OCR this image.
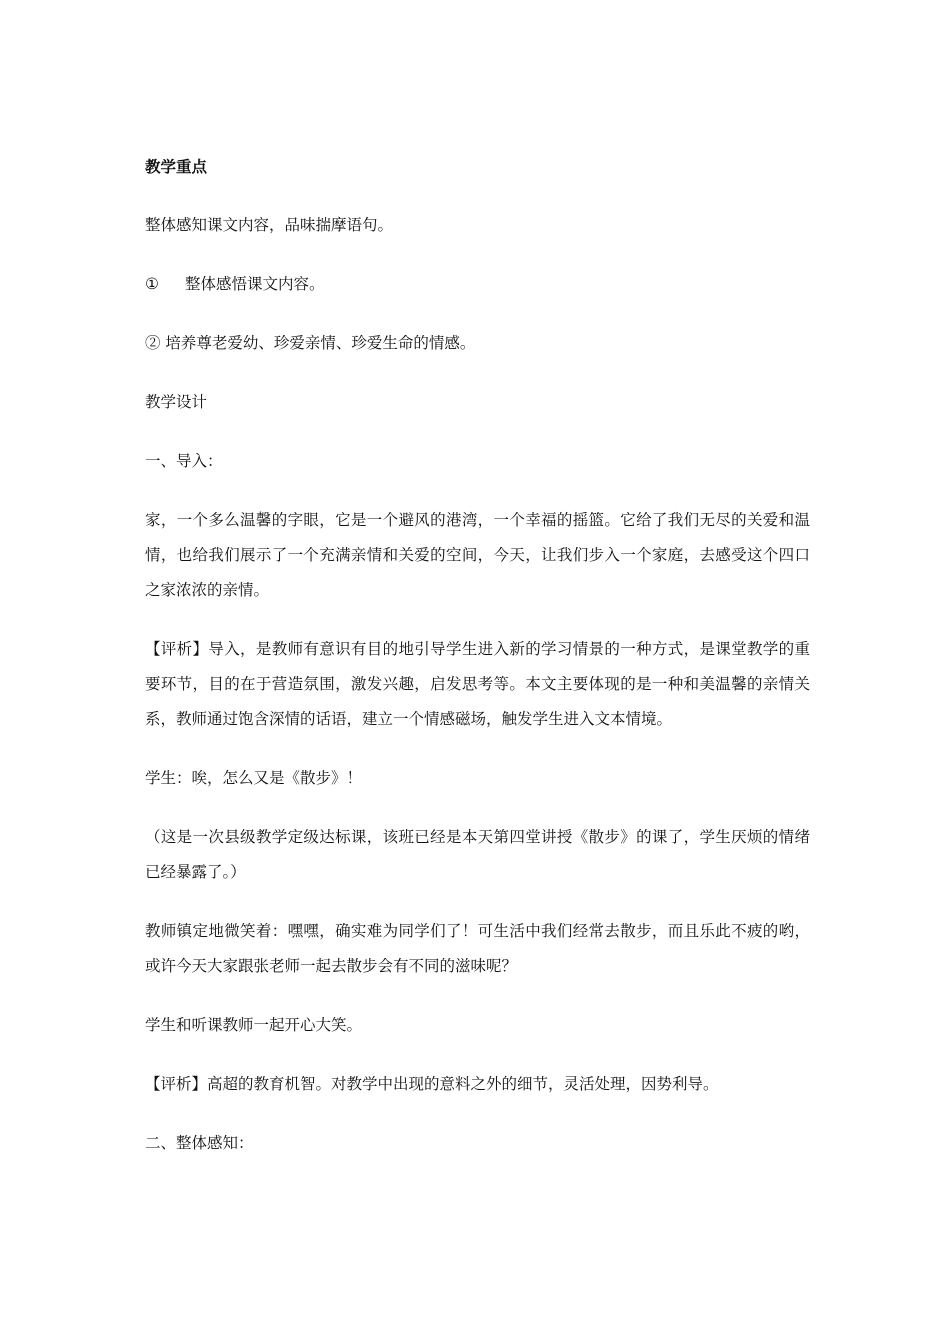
教学重点

整体感知课文内容，品味揣摩语句。

①	整体感悟课文内容。

② 培养尊老爱幼、珍爱亲情、珍爱生命的情感。

教学设计

一、导入：

家，一个多么温馨的字眼，它是一个避风的港湾，一个幸福的摇篮。它给了我们无尽的关爱和温情，也给我们展示了一个充满亲情和关爱的空间，今天，让我们步入一个家庭，去感受这个四口之家浓浓的亲情。

【评析】导入，是教师有意识有目的地引导学生进入新的学习情景的一种方式，是课堂教学的重要环节，目的在于营造氛围，激发兴趣，启发思考等。本文主要体现的是一种和美温馨的亲情关系，教师通过饱含深情的话语，建立一个情感磁场，触发学生进入文本情境。

学生：唉，怎么又是《散步》！

（这是一次县级教学定级达标课，该班已经是本天第四堂讲授《散步》的课了，学生厌烦的情绪已经暴露了。）

教师镇定地微笑着：嘿嘿，确实难为同学们了！可生活中我们经常去散步，而且乐此不疲的哟，或许今天大家跟张老师一起去散步会有不同的滋味呢？

学生和听课教师一起开心大笑。

【评析】高超的教育机智。对教学中出现的意料之外的细节，灵活处理，因势利导。

二、整体感知：
